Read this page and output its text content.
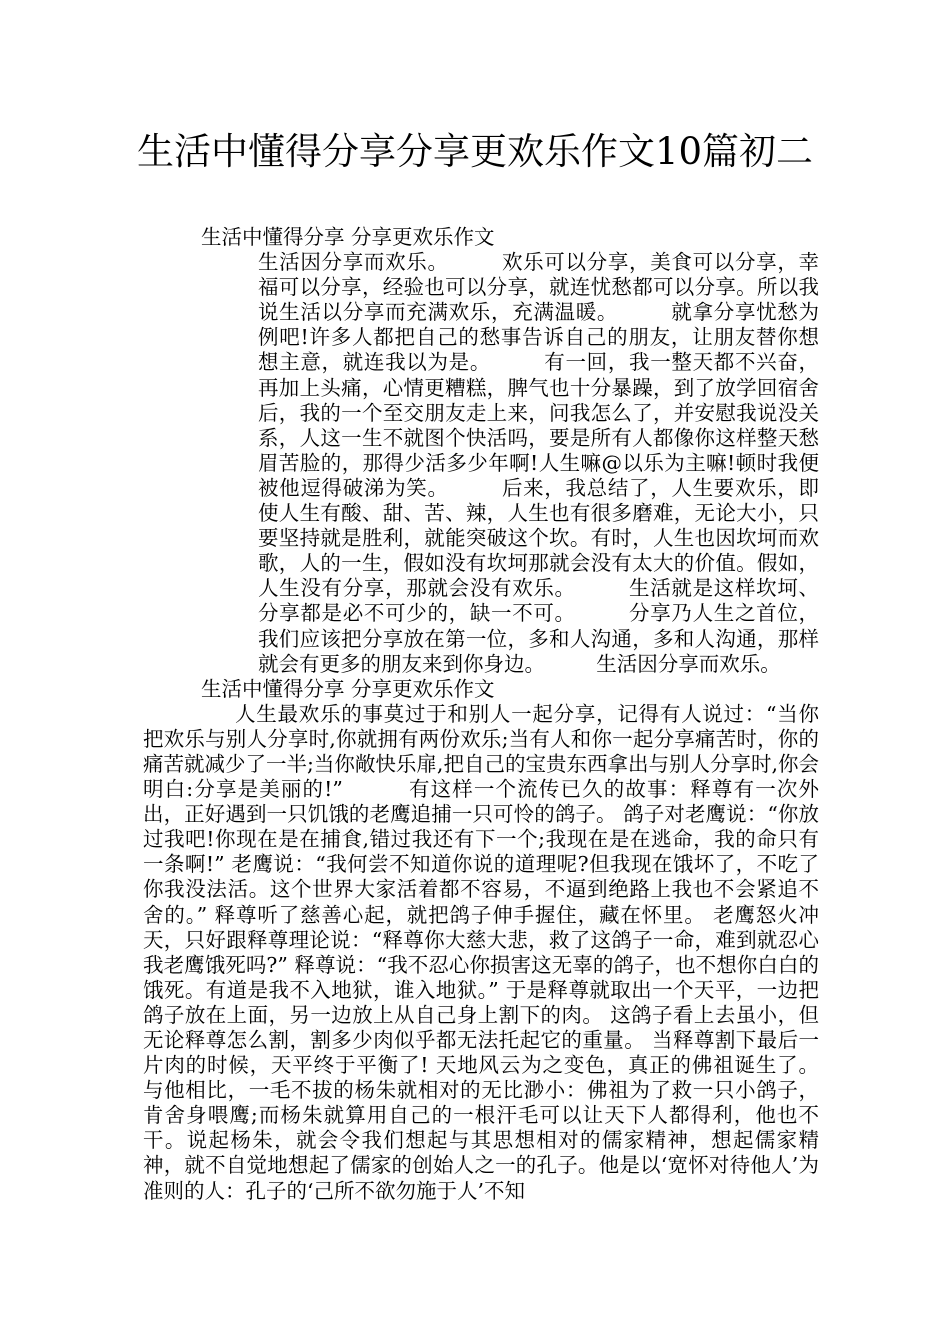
生活中懂得分享分享更欢乐作文10篇初二

生活中懂得分享 分享更欢乐作文

生活因分享而欢乐。　　　欢乐可以分享，美食可以分享，幸福可以分享，经验也可以分享，就连忧愁都可以分享。所以我说生活以分享而充满欢乐，充满温暖。　　　就拿分享忧愁为例吧!许多人都把自己的愁事告诉自己的朋友，让朋友替你想想主意，就连我以为是。　　　有一回，我一整天都不兴奋，再加上头痛，心情更糟糕，脾气也十分暴躁，到了放学回宿舍后，我的一个至交朋友走上来，问我怎么了，并安慰我说没关系，人这一生不就图个快活吗，要是所有人都像你这样整天愁眉苦脸的，那得少活多少年啊!人生嘛@以乐为主嘛!顿时我便被他逗得破涕为笑。　　　后来，我总结了，人生要欢乐，即使人生有酸、甜、苦、辣，人生也有很多磨难，无论大小，只要坚持就是胜利，就能突破这个坎。有时，人生也因坎坷而欢歌，人的一生，假如没有坎坷那就会没有太大的价值。假如，人生没有分享，那就会没有欢乐。　　　生活就是这样坎坷、分享都是必不可少的，缺一不可。　　　分享乃人生之首位，我们应该把分享放在第一位，多和人沟通，多和人沟通，那样就会有更多的朋友来到你身边。　　　生活因分享而欢乐。

生活中懂得分享 分享更欢乐作文

人生最欢乐的事莫过于和别人一起分享，记得有人说过：“当你把欢乐与别人分享时,你就拥有两份欢乐;当有人和你一起分享痛苦时，你的痛苦就减少了一半;当你敞快乐扉,把自己的宝贵东西拿出与别人分享时,你会明白:分享是美丽的!”　　　有这样一个流传已久的故事：释尊有一次外出，正好遇到一只饥饿的老鹰追捕一只可怜的鸽子。 鸽子对老鹰说：“你放过我吧!你现在是在捕食,错过我还有下一个;我现在是在逃命，我的命只有一条啊!” 老鹰说：“我何尝不知道你说的道理呢?但我现在饿坏了，不吃了你我没法活。这个世界大家活着都不容易，不逼到绝路上我也不会紧追不舍的。” 释尊听了慈善心起，就把鸽子伸手握住，藏在怀里。 老鹰怒火冲天，只好跟释尊理论说：“释尊你大慈大悲，救了这鸽子一命，难到就忍心我老鹰饿死吗?” 释尊说：“我不忍心你损害这无辜的鸽子，也不想你白白的饿死。有道是我不入地狱，谁入地狱。” 于是释尊就取出一个天平，一边把鸽子放在上面，另一边放上从自己身上割下的肉。 这鸽子看上去虽小，但无论释尊怎么割，割多少肉似乎都无法托起它的重量。 当释尊割下最后一片肉的时候，天平终于平衡了! 天地风云为之变色，真正的佛祖诞生了。 与他相比，一毛不拔的杨朱就相对的无比渺小：佛祖为了救一只小鸽子，肯舍身喂鹰;而杨朱就算用自己的一根汗毛可以让天下人都得利，他也不干。说起杨朱，就会令我们想起与其思想相对的儒家精神，想起儒家精神，就不自觉地想起了儒家的创始人之一的孔子。他是以‘宽怀对待他人’为准则的人：孔子的‘己所不欲勿施于人’不知
